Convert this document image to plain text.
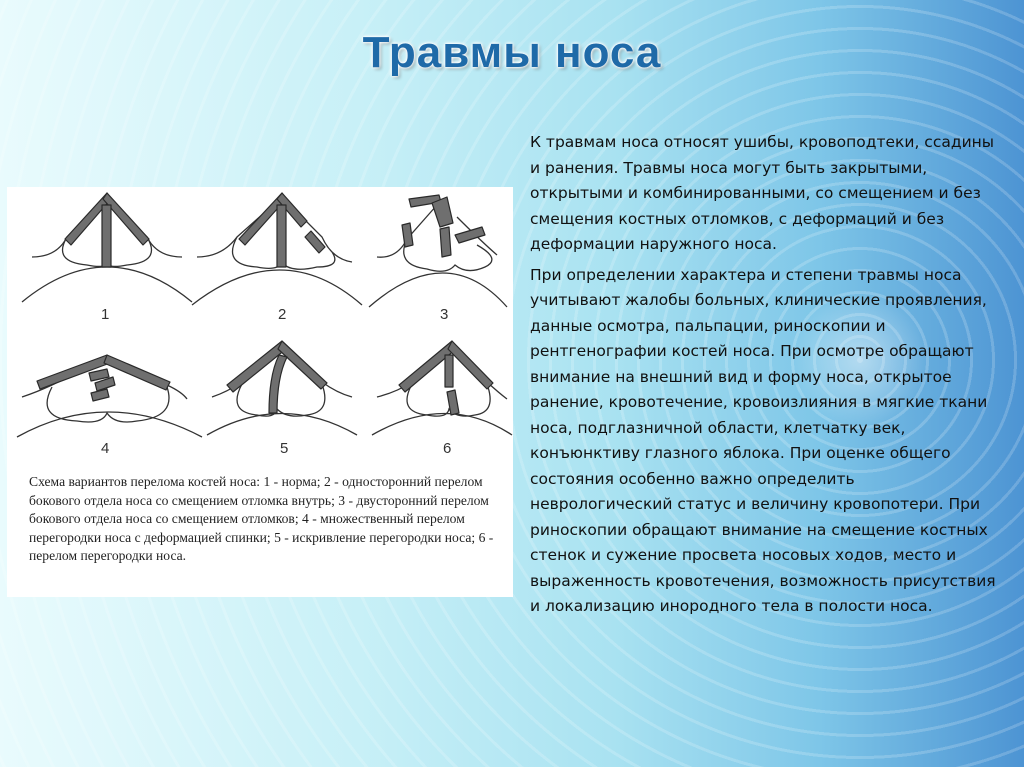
Травмы носа
1	2	3
4	5	6
Схема вариантов перелома костей носа: 1 - норма; 2 - односторонний перелом бокового отдела носа со смещением отломка внутрь; 3 - двусторонний перелом бокового отдела носа со смещением отломков; 4 - множественный перелом перегородки носа с деформацией спинки; 5 - искривление перегородки носа; 6 - перелом перегородки носа.

К травмам носа относят ушибы, кровоподтеки, ссадины и ранения. Травмы носа могут быть закрытыми, открытыми и комбинированными, со смещением и без смещения костных отломков, с деформаций и без деформации наружного носа.

При определении характера и степени травмы носа учитывают жалобы больных, клинические проявления, данные осмотра, пальпации, риноскопии и рентгенографии костей носа. При осмотре обращают внимание на внешний вид и форму носа, открытое ранение, кровотечение, кровоизлияния в мягкие ткани носа, подглазничной области, клетчатку век, конъюнктиву глазного яблока. При оценке общего состояния особенно важно определить неврологический статус и величину кровопотери. При риноскопии обращают внимание на смещение костных стенок и сужение просвета носовых ходов, место и выраженность кровотечения, возможность присутствия и локализацию инородного тела в полости носа.
